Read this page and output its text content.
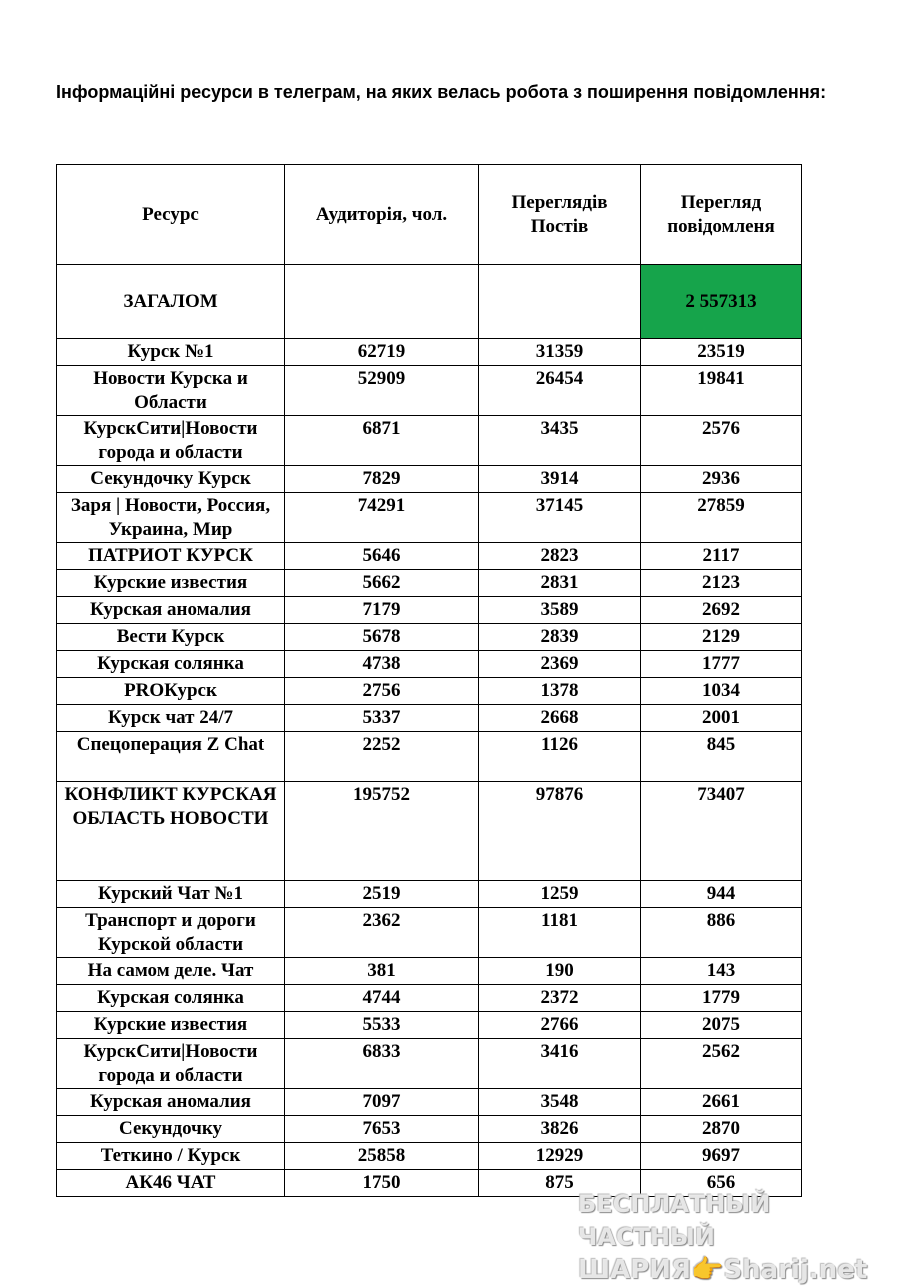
Інформаційні ресурси в телеграм, на яких велась робота з поширення повідомлення:
Ресурс	Аудиторія, чол.	Переглядів Постів	Перегляд повідомленя
ЗАГАЛОМ			2 557313
Курск №1	62719	31359	23519
Новости Курска и Области	52909	26454	19841
КурскСити|Новости города и области	6871	3435	2576
Секундочку Курск	7829	3914	2936
Заря | Новости, Россия, Украина, Мир	74291	37145	27859
ПАТРИОТ КУРСК	5646	2823	2117
Курские известия	5662	2831	2123
Курская аномалия	7179	3589	2692
Вести Курск	5678	2839	2129
Курская солянка	4738	2369	1777
PROКурск	2756	1378	1034
Курск чат 24/7	5337	2668	2001
Спецоперация Z Chat	2252	1126	845
КОНФЛИКТ КУРСКАЯ ОБЛАСТЬ НОВОСТИ	195752	97876	73407
Курский Чат №1	2519	1259	944
Транспорт и дороги Курской области	2362	1181	886
На самом деле. Чат	381	190	143
Курская солянка	4744	2372	1779
Курские известия	5533	2766	2075
КурскСити|Новости города и области	6833	3416	2562
Курская аномалия	7097	3548	2661
Секундочку	7653	3826	2870
Теткино / Курск	25858	12929	9697
АК46 ЧАТ	1750	875	656
БЕСПЛАТНЫЙ ЧАСТНЫЙ
ШАРИЯ👉Sharij.net
